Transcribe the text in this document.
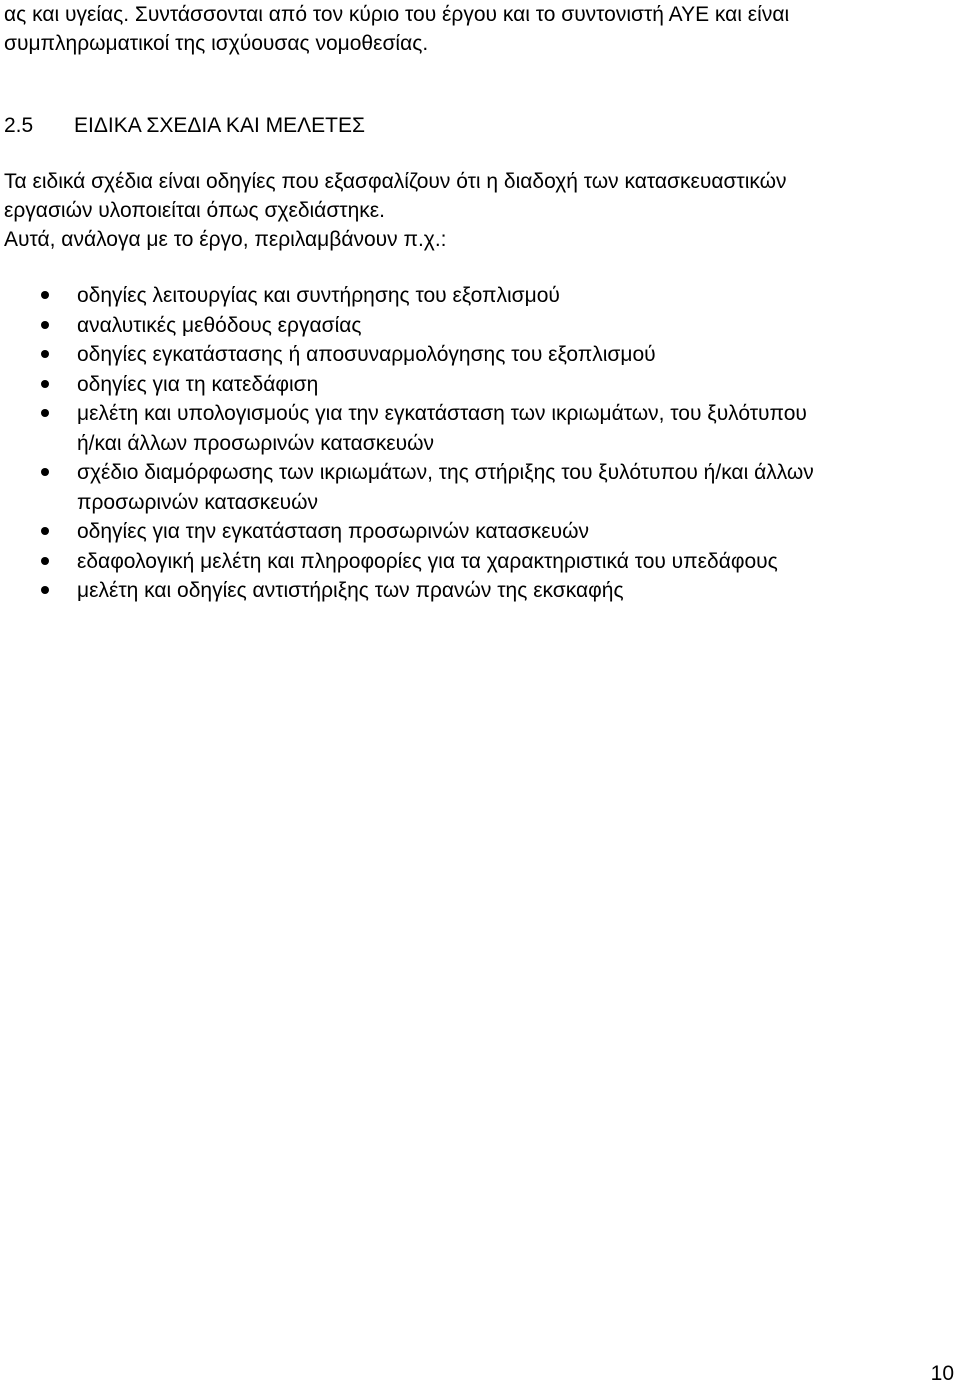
ας και υγείας. Συντάσσονται από τον κύριο του έργου και το συντονιστή ΑΥΕ και είναι
συμπληρωματικοί της ισχύουσας νομοθεσίας.
2.5 ΕΙΔΙΚΑ ΣΧΕΔΙΑ ΚΑΙ ΜΕΛΕΤΕΣ
Τα ειδικά σχέδια είναι οδηγίες που εξασφαλίζουν ότι η διαδοχή των κατασκευαστικών
εργασιών υλοποιείται όπως σχεδιάστηκε.
Αυτά, ανάλογα με το έργο, περιλαμβάνουν π.χ.:
οδηγίες λειτουργίας και συντήρησης του εξοπλισμού
αναλυτικές μεθόδους εργασίας
οδηγίες εγκατάστασης ή αποσυναρμολόγησης του εξοπλισμού
οδηγίες για τη κατεδάφιση
μελέτη και υπολογισμούς για την εγκατάσταση των ικριωμάτων, του ξυλότυπου
ή/και άλλων προσωρινών κατασκευών
σχέδιο διαμόρφωσης των ικριωμάτων, της στήριξης του ξυλότυπου ή/και άλλων
προσωρινών κατασκευών
οδηγίες για την εγκατάσταση προσωρινών κατασκευών
εδαφολογική μελέτη και πληροφορίες για τα χαρακτηριστικά του υπεδάφους
μελέτη και οδηγίες αντιστήριξης των πρανών της εκσκαφής
10
